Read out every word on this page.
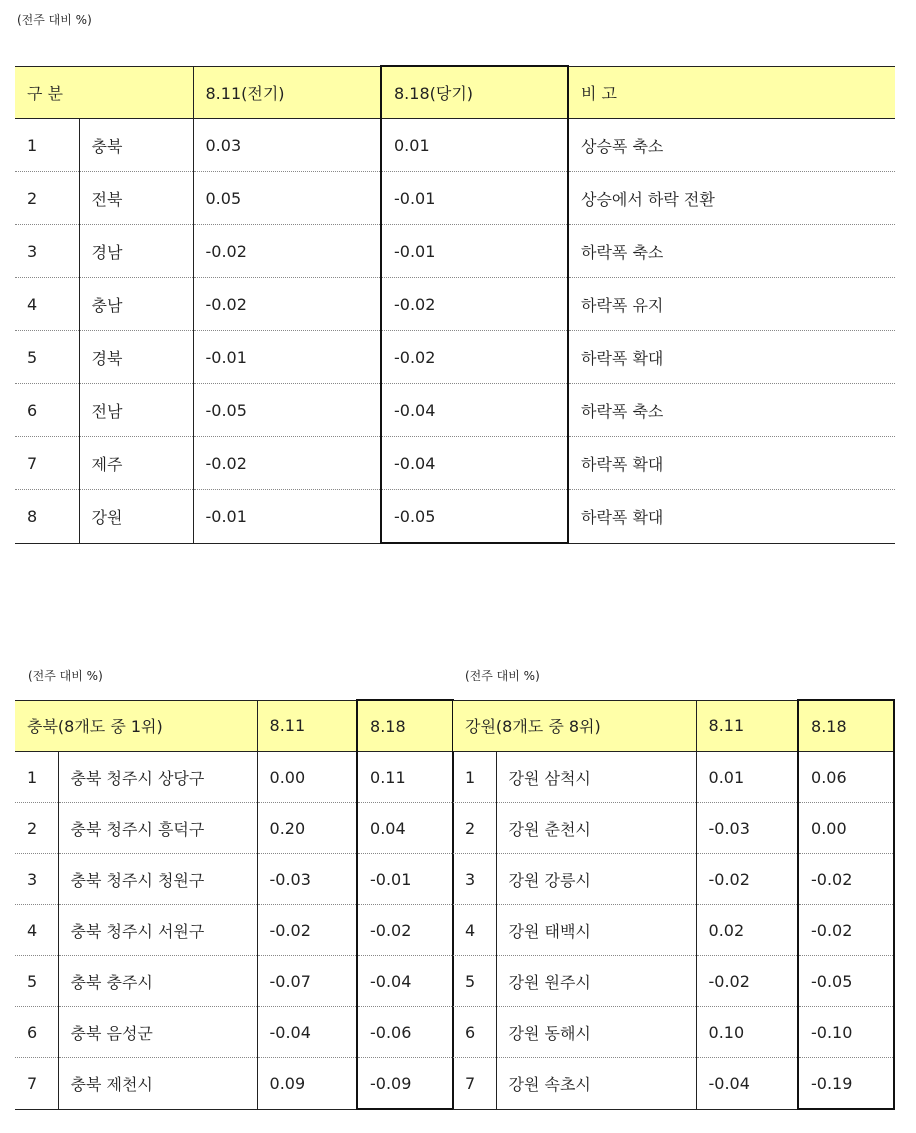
(전주 대비 %)
구 분		8.11(전기)	8.18(당기)	비 고
1	충북	0.03	0.01	상승폭 축소
2	전북	0.05	-0.01	상승에서 하락 전환
3	경남	-0.02	-0.01	하락폭 축소
4	충남	-0.02	-0.02	하락폭 유지
5	경북	-0.01	-0.02	하락폭 확대
6	전남	-0.05	-0.04	하락폭 축소
7	제주	-0.02	-0.04	하락폭 확대
8	강원	-0.01	-0.05	하락폭 확대
(전주 대비 %)	(전주 대비 %)
충북(8개도 중 1위)		8.11	8.18
1	충북 청주시 상당구	0.00	0.11
2	충북 청주시 흥덕구	0.20	0.04
3	충북 청주시 청원구	-0.03	-0.01
4	충북 청주시 서원구	-0.02	-0.02
5	충북 충주시	-0.07	-0.04
6	충북 음성군	-0.04	-0.06
7	충북 제천시	0.09	-0.09
강원(8개도 중 8위)		8.11	8.18
1	강원 삼척시	0.01	0.06
2	강원 춘천시	-0.03	0.00
3	강원 강릉시	-0.02	-0.02
4	강원 태백시	0.02	-0.02
5	강원 원주시	-0.02	-0.05
6	강원 동해시	0.10	-0.10
7	강원 속초시	-0.04	-0.19
